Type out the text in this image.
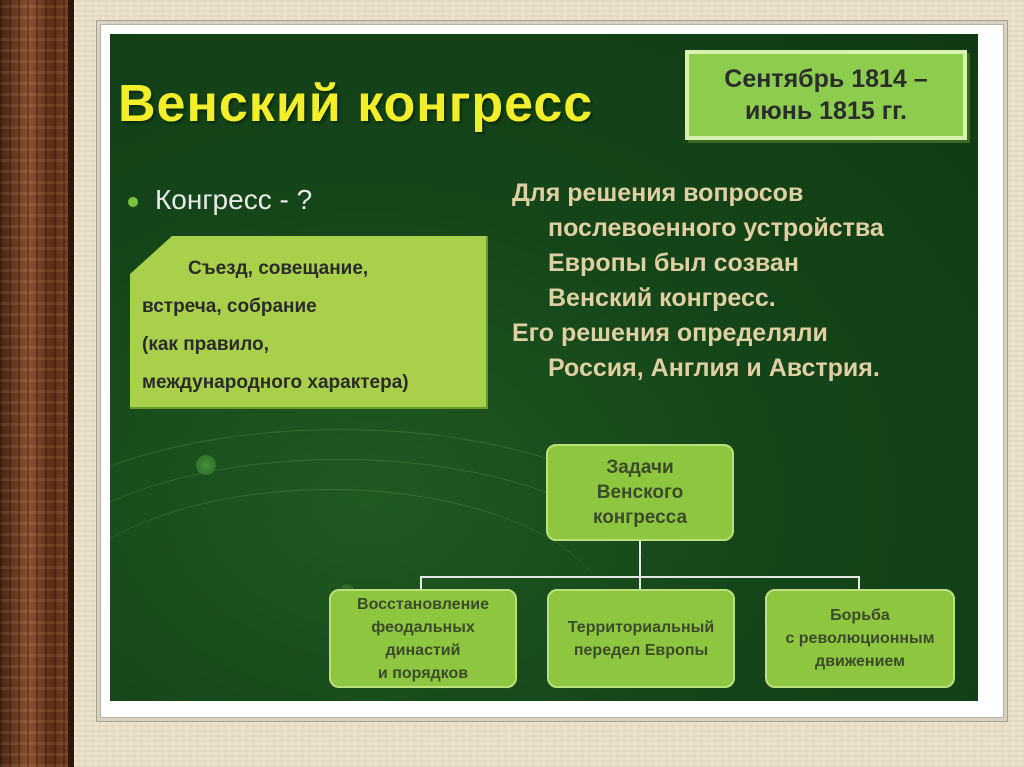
Венский конгресс	Сентябрь 1814 –
июнь 1815 гг.
Конгресс - ?
Съезд, совещание,
встреча, собрание
(как правило,
международного характера)
Для решения вопросов
послевоенного устройства
Европы был созван
Венский конгресс.
Его решения определяли
Россия, Англия и Австрия.
Задачи
Венского
конгресса
Восстановление
феодальных
династий
и порядков
Территориальный
передел Европы
Борьба
с революционным
движением
